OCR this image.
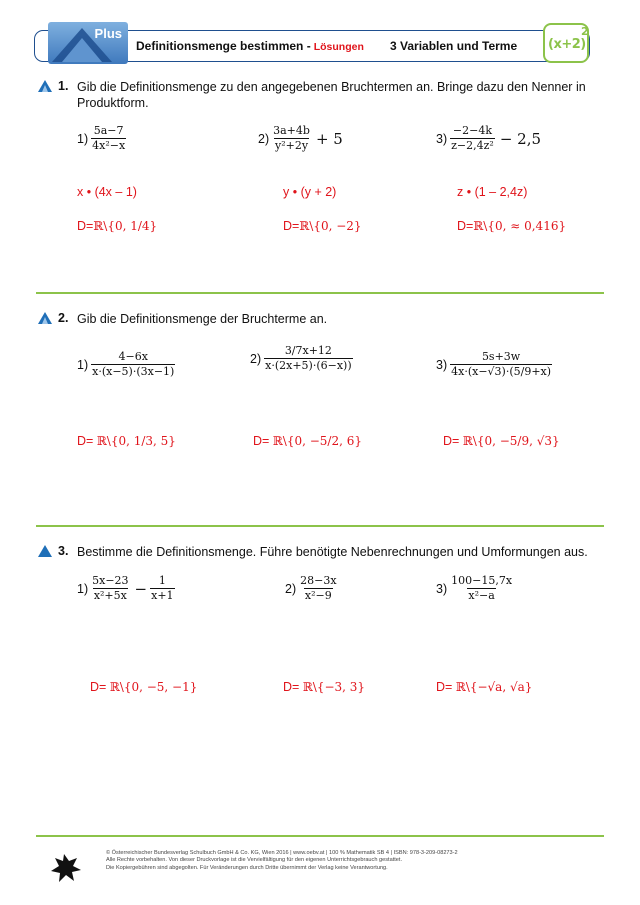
Plus
Definitionsmenge bestimmen - Lösungen 3 Variablen und Terme (x+2)
2
1. Gib die Definitionsmenge zu den angegebenen Bruchtermen an. Bringe dazu den Nenner in Produktform.
$1) \frac{5a-7}{\text{4x²−x}}$	$2) \frac{3a+4b}{\text{y²+2y}} + 5$	$3) \frac{-2-4k}{\text{z−2,4z²}} - 2,5$
x • (4x – 1)	y • (y + 2)	z • (1 – 2,4z)
D=ℝ\{0, 1/4}	D=ℝ\{0, −2}	D=ℝ\{0, ≈ 0,416}
2. Gib die Definitionsmenge der Bruchterme an.
$1) \frac{4-6x}{x\cdot(x-5)\cdot(3x-1)}$	$2) \frac{3/7x+12}{x\cdot(2x+5)\cdot(6-x))}$	$3) \frac{5s+3w}{4x\cdot(x-√3)\cdot(5/9+x)}$
D= ℝ\{0, 1/3, 5}	D= ℝ\{0, −5/2, 6}	D= ℝ\{0, −5/9, √3}
3. Bestimme die Definitionsmenge. Führe benötigte Nebenrechnungen und Umformungen aus.
$1) \frac{5x-23}{\text{x²+5x}} - \frac{1}{x+1}$	$2) \frac{28-3x}{\text{x²−9}}$	$3) \frac{100-15,7x}{\text{x²−a}}$
D= ℝ\{0, −5, −1}	D= ℝ\{−3, 3}	D= ℝ\{−√a, √a}
© Österreichischer Bundesverlag Schulbuch GmbH & Co. KG, Wien 2016 | www.oebv.at | 100 % Mathematik SB 4 | ISBN: 978-3-209-08273-2
Alle Rechte vorbehalten. Von dieser Druckvorlage ist die Vervielfältigung für den eigenen Unterrichtsgebrauch gestattet.
Die Kopiergebühren sind abgegolten. Für Veränderungen durch Dritte übernimmt der Verlag keine Verantwortung.
